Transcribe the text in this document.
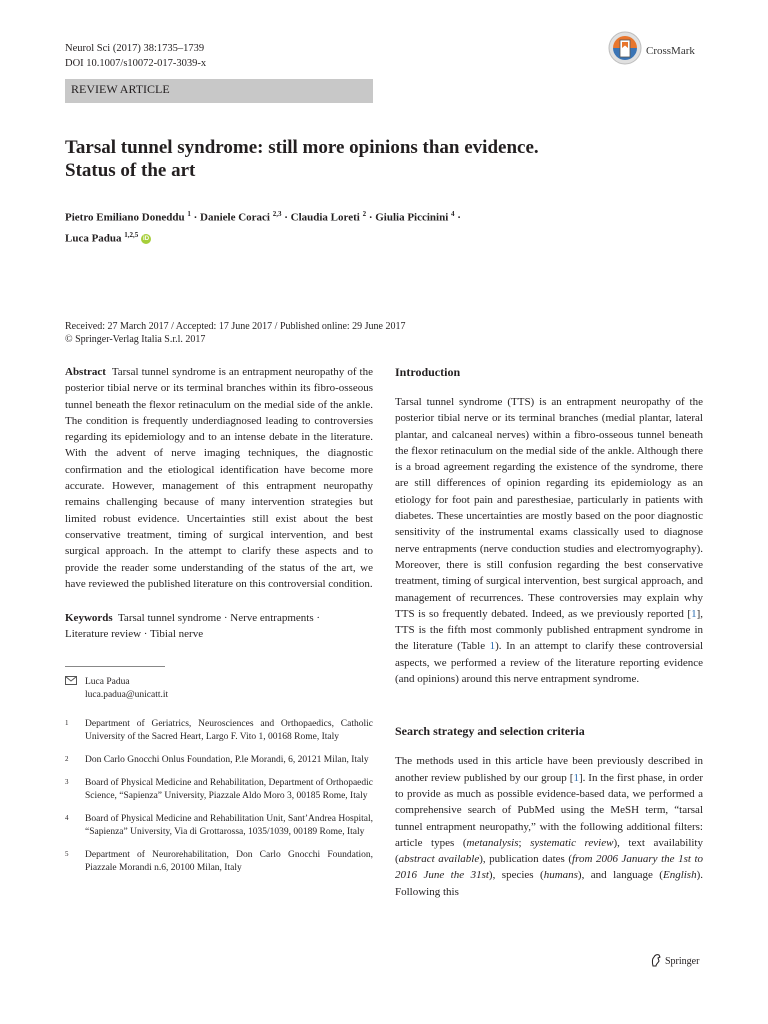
Neurol Sci (2017) 38:1735–1739
DOI 10.1007/s10072-017-3039-x
CrossMark
REVIEW ARTICLE
Tarsal tunnel syndrome: still more opinions than evidence. Status of the art
Pietro Emiliano Doneddu $^1$ · Daniele Coraci $^{2,3}$ · Claudia Loreti $^2$ · Giulia Piccinini $^4$ ·
Luca Padua $^{1,2,5}$ iD
Received: 27 March 2017 / Accepted: 17 June 2017 / Published online: 29 June 2017
© Springer-Verlag Italia S.r.l. 2017

Abstract Tarsal tunnel syndrome is an entrapment neuropathy of the posterior tibial nerve or its terminal branches within its fibro-osseous tunnel beneath the flexor retinaculum on the medial side of the ankle. The condition is frequently underdiagnosed leading to controversies regarding its epidemiology and to an intense debate in the literature. With the advent of nerve imaging techniques, the diagnostic confirmation and the etiological identification have become more accurate. However, management of this entrapment neuropathy remains challenging because of many intervention strategies but limited robust evidence. Uncertainties still exist about the best conservative treatment, timing of surgical intervention, and best surgical approach. In the attempt to clarify these aspects and to provide the reader some understanding of the status of the art, we have reviewed the published literature on this controversial condition.

Keywords Tarsal tunnel syndrome · Nerve entrapments ·
Literature review · Tibial nerve

Luca Padua
luca.padua@unicatt.it
1	Department of Geriatrics, Neurosciences and Orthopaedics, Catholic University of the Sacred Heart, Largo F. Vito 1, 00168 Rome, Italy
2	Don Carlo Gnocchi Onlus Foundation, P.le Morandi, 6, 20121 Milan, Italy
3	Board of Physical Medicine and Rehabilitation, Department of Orthopaedic Science, “Sapienza” University, Piazzale Aldo Moro 3, 00185 Rome, Italy
4	Board of Physical Medicine and Rehabilitation Unit, Sant’Andrea Hospital, “Sapienza” University, Via di Grottarossa, 1035/1039, 00189 Rome, Italy
5	Department of Neurorehabilitation, Don Carlo Gnocchi Foundation, Piazzale Morandi n.6, 20100 Milan, Italy
Introduction

Tarsal tunnel syndrome (TTS) is an entrapment neuropathy of the posterior tibial nerve or its terminal branches (medial plantar, lateral plantar, and calcaneal nerves) within a fibro-osseous tunnel beneath the flexor retinaculum on the medial side of the ankle. Although there is a broad agreement regarding the existence of the syndrome, there are still differences of opinion regarding its epidemiology as an etiology for foot pain and paresthesiae, particularly in patients with diabetes. These uncertainties are mostly based on the poor diagnostic sensitivity of the instrumental exams classically used to diagnose nerve entrapments (nerve conduction studies and electromyography). Moreover, there is still confusion regarding the best conservative treatment, timing of surgical intervention, best surgical approach, and management of recurrences. These controversies may explain why TTS is so frequently debated. Indeed, as we previously reported [1], TTS is the fifth most commonly published entrapment syndrome in the literature (Table 1). In an attempt to clarify these controversial aspects, we performed a review of the literature reporting evidence (and opinions) around this nerve entrapment syndrome.

Search strategy and selection criteria

The methods used in this article have been previously described in another review published by our group [1]. In the first phase, in order to provide as much as possible evidence-based data, we performed a comprehensive search of PubMed using the MeSH term, “tarsal tunnel entrapment neuropathy,” with the following additional filters: article types (metanalysis; systematic review), text availability (abstract available), publication dates (from 2006 January the 1st to 2016 June the 31st), species (humans), and language (English). Following this

Springer
